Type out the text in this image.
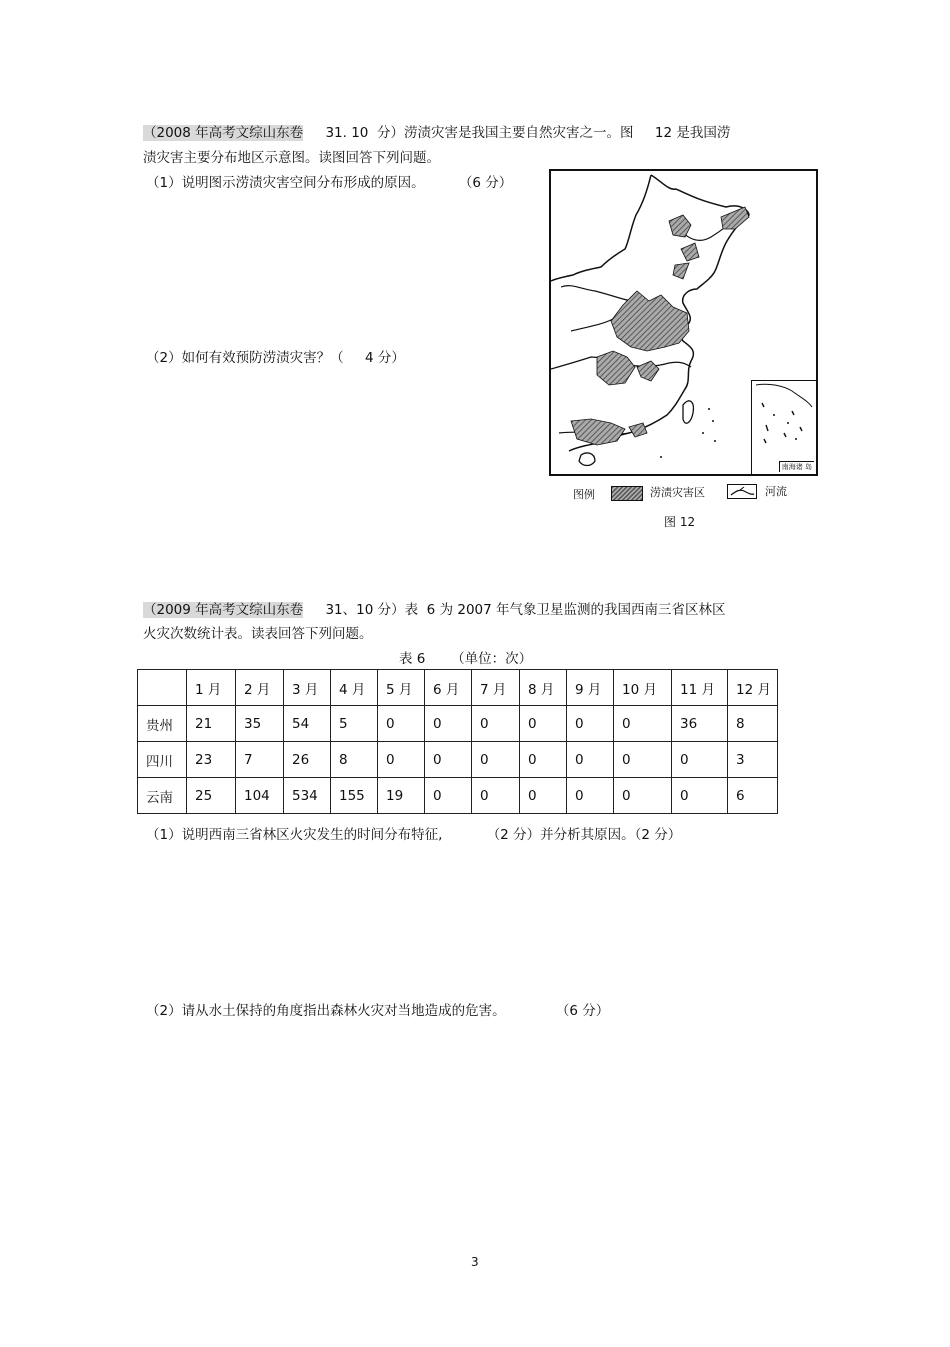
（2008 年高考文综山东卷 31. 10  分）涝渍灾害是我国主要自然灾害之一。图     12 是我国涝
渍灾害主要分布地区示意图。读图回答下列问题。
（1）说明图示涝渍灾害空间分布形成的原因。	（6 分）
（2）如何有效预防涝渍灾害？（     4 分）
南海诸 岛
图例	涝渍灾害区	河流
图 12
（2009 年高考文综山东卷 31、10 分）表  6 为 2007 年气象卫星监测的我国西南三省区林区
火灾次数统计表。读表回答下列问题。
表 6      （单位：次）
	1 月	2 月	3 月	4 月	5 月	6 月	7 月	8 月	9 月	10 月	11 月	12 月
贵州	21	35	54	5	0	0	0	0	0	0	36	8
四川	23	7	26	8	0	0	0	0	0	0	0	3
云南	25	104	534	155	19	0	0	0	0	0	0	6
（1）说明西南三省林区火灾发生的时间分布特征,	（2 分）并分析其原因。（2 分）
（2）请从水土保持的角度指出森林火灾对当地造成的危害。	（6 分）
3
